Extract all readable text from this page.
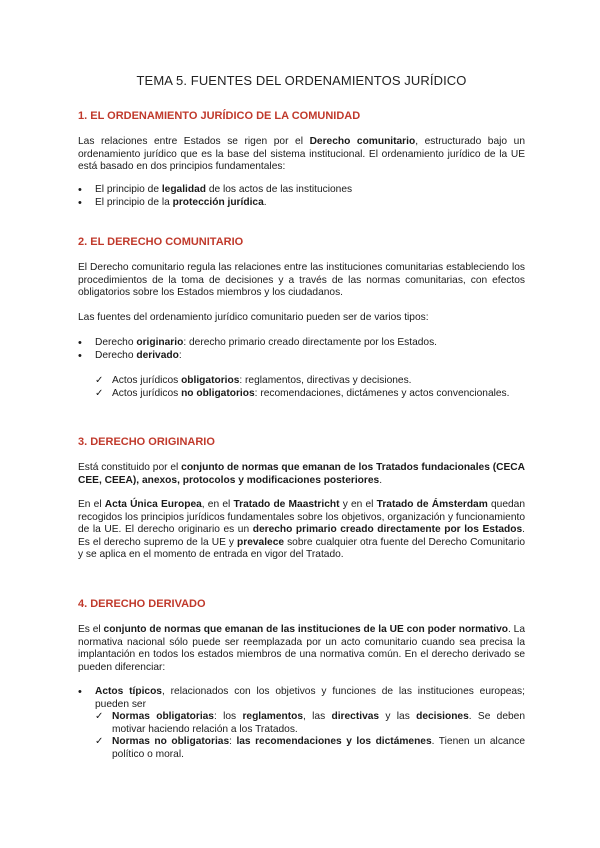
TEMA 5. FUENTES DEL ORDENAMIENTOS JURÍDICO
1. EL ORDENAMIENTO JURÍDICO DE LA COMUNIDAD
Las relaciones entre Estados se rigen por el Derecho comunitario, estructurado bajo un ordenamiento jurídico que es la base del sistema institucional. El ordenamiento jurídico de la UE está basado en dos principios fundamentales:
• El principio de legalidad de los actos de las instituciones
• El principio de la protección jurídica.
2. EL DERECHO COMUNITARIO
El Derecho comunitario regula las relaciones entre las instituciones comunitarias estableciendo los procedimientos de la toma de decisiones y a través de las normas comunitarias, con efectos obligatorios sobre los Estados miembros y los ciudadanos.
Las fuentes del ordenamiento jurídico comunitario pueden ser de varios tipos:
• Derecho originario: derecho primario creado directamente por los Estados.
• Derecho derivado:
✓ Actos jurídicos obligatorios: reglamentos, directivas y decisiones.
✓ Actos jurídicos no obligatorios: recomendaciones, dictámenes y actos convencionales.
3. DERECHO ORIGINARIO
Está constituido por el conjunto de normas que emanan de los Tratados fundacionales (CECA CEE, CEEA), anexos, protocolos y modificaciones posteriores.
En el Acta Única Europea, en el Tratado de Maastricht y en el Tratado de Ámsterdam quedan recogidos los principios jurídicos fundamentales sobre los objetivos, organización y funcionamiento de la UE. El derecho originario es un derecho primario creado directamente por los Estados. Es el derecho supremo de la UE y prevalece sobre cualquier otra fuente del Derecho Comunitario y se aplica en el momento de entrada en vigor del Tratado.
4. DERECHO DERIVADO
Es el conjunto de normas que emanan de las instituciones de la UE con poder normativo. La normativa nacional sólo puede ser reemplazada por un acto comunitario cuando sea precisa la implantación en todos los estados miembros de una normativa común. En el derecho derivado se pueden diferenciar:
• Actos típicos, relacionados con los objetivos y funciones de las instituciones europeas; pueden ser
✓ Normas obligatorias: los reglamentos, las directivas y las decisiones. Se deben motivar haciendo relación a los Tratados.
✓ Normas no obligatorias: las recomendaciones y los dictámenes. Tienen un alcance político o moral.
